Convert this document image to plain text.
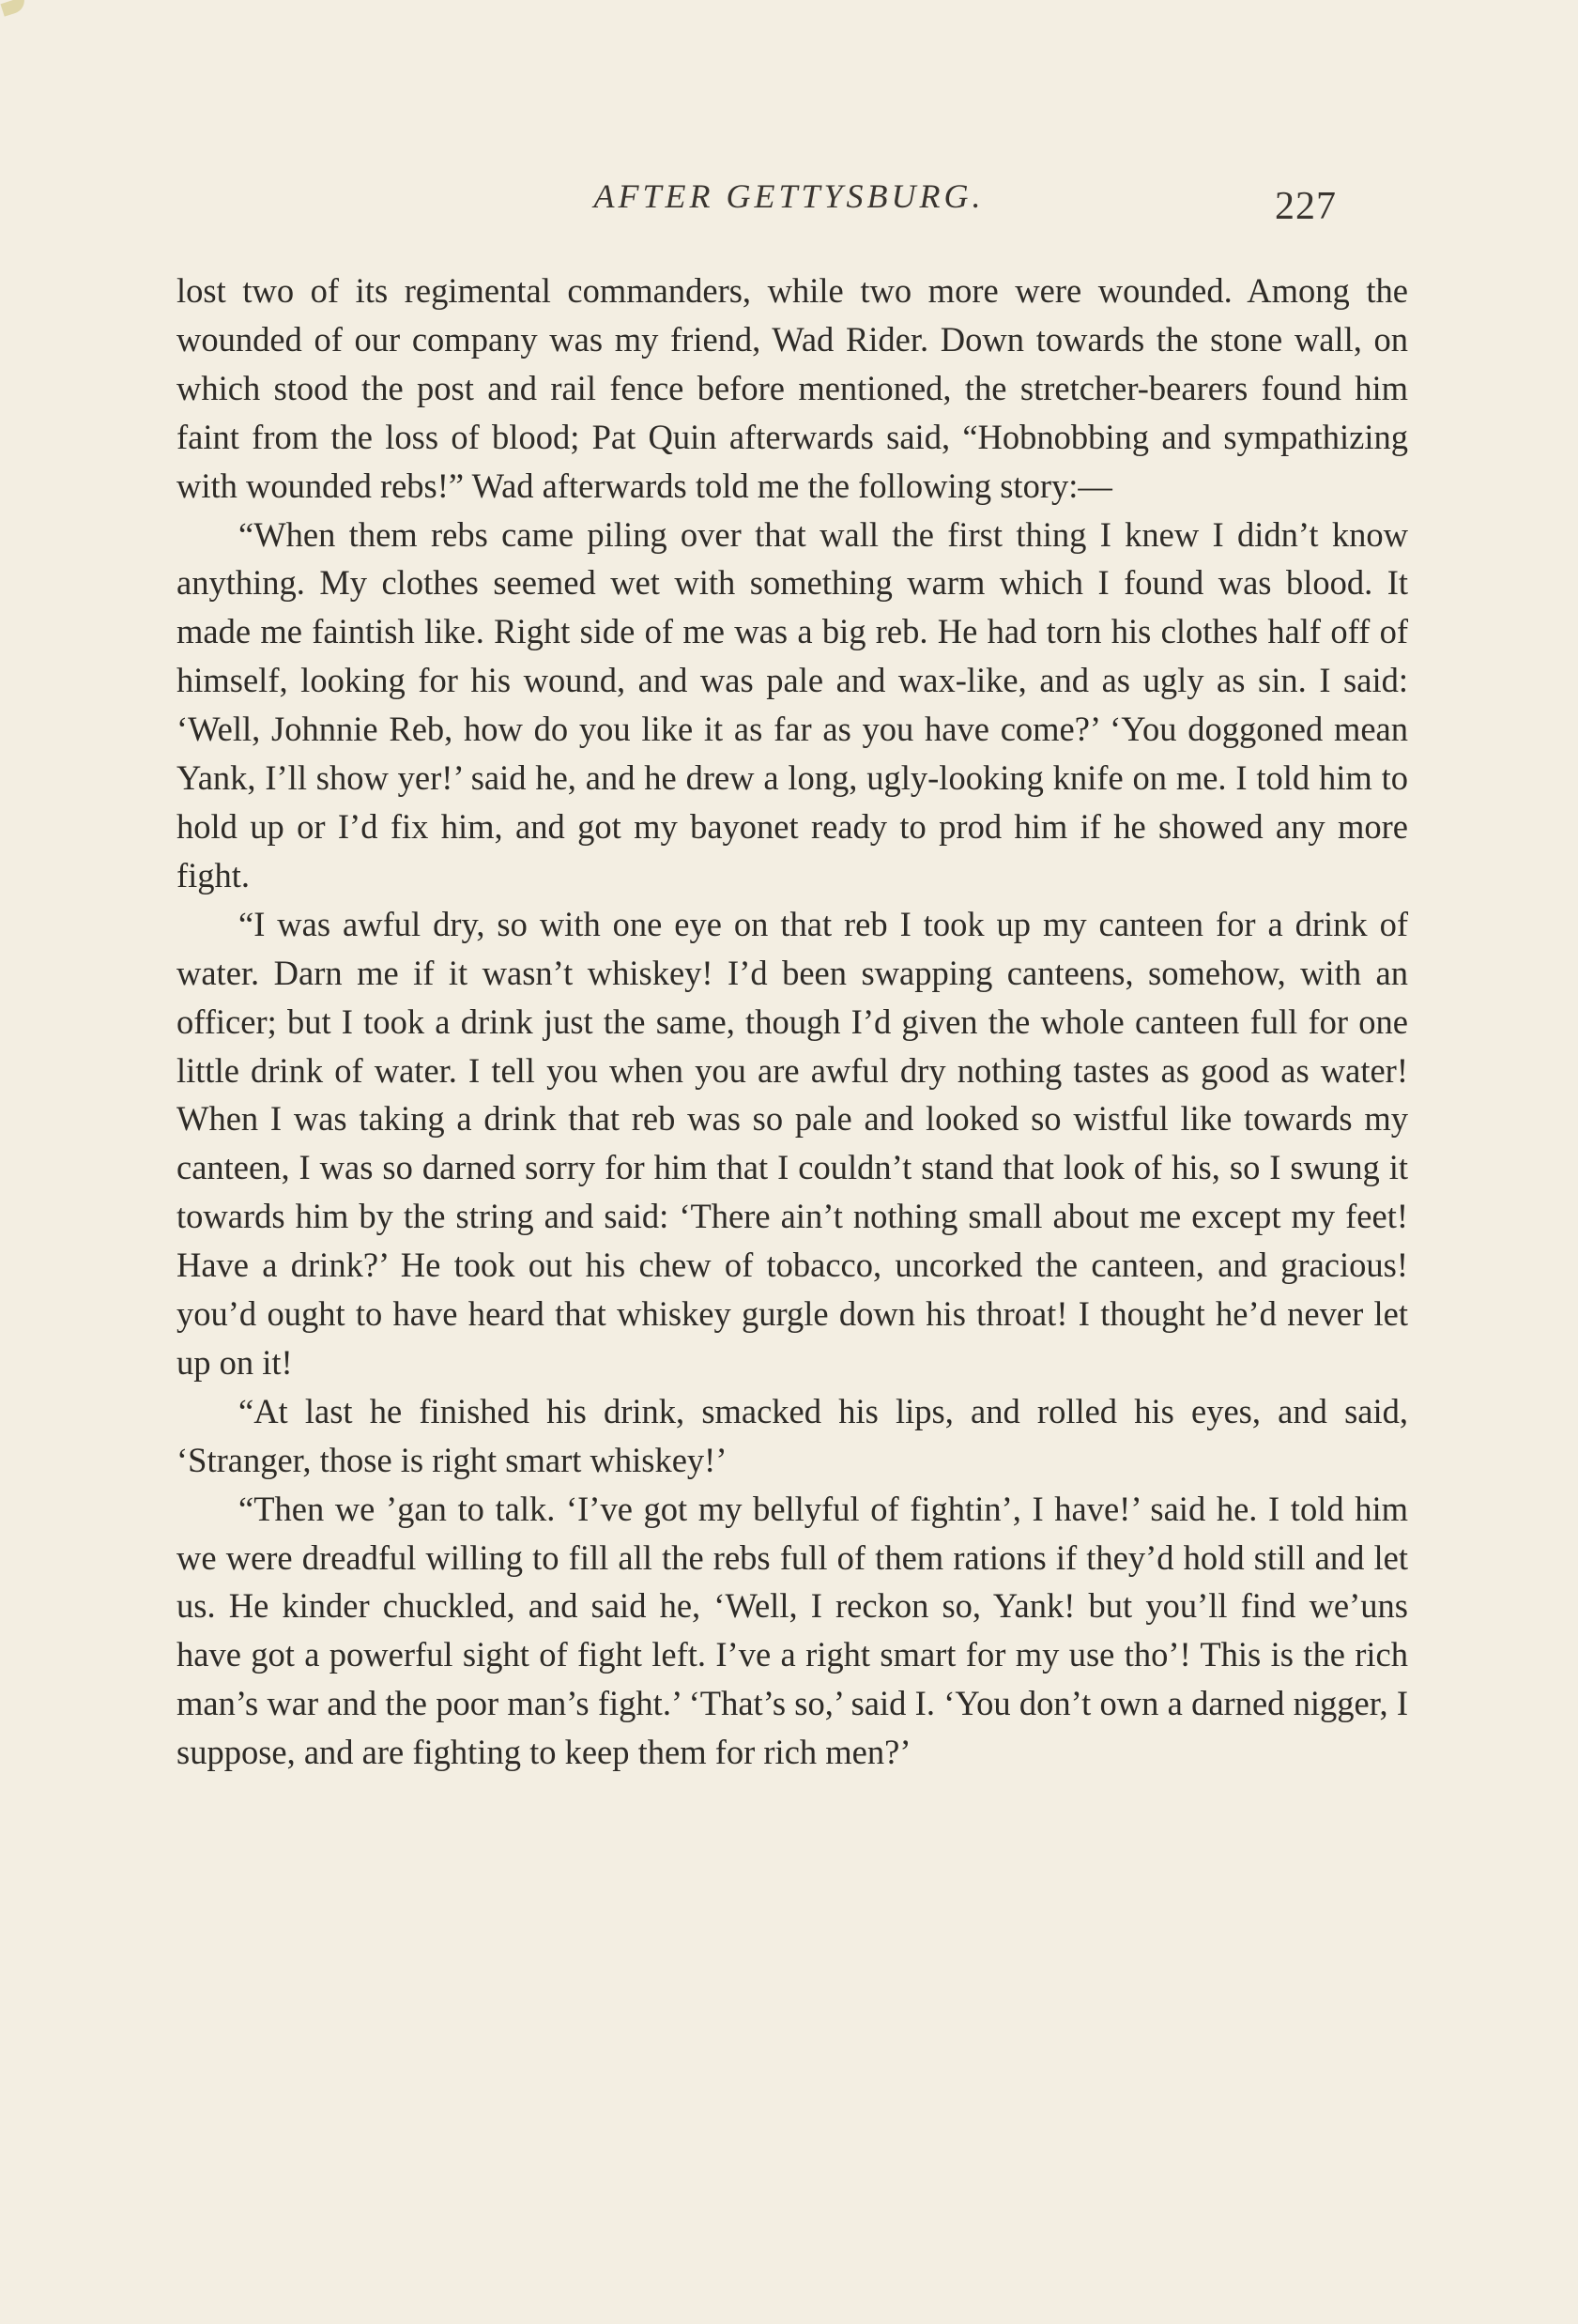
AFTER GETTYSBURG.	227

lost two of its regimental commanders, while two more were wounded. Among the wounded of our company was my friend, Wad Rider. Down towards the stone wall, on which stood the post and rail fence before mentioned, the stretcher-bearers found him faint from the loss of blood; Pat Quin afterwards said, “Hobnobbing and sympathizing with wounded rebs!” Wad afterwards told me the following story:—

“When them rebs came piling over that wall the first thing I knew I didn’t know anything. My clothes seemed wet with something warm which I found was blood. It made me faintish like. Right side of me was a big reb. He had torn his clothes half off of himself, looking for his wound, and was pale and wax-like, and as ugly as sin. I said: ‘Well, Johnnie Reb, how do you like it as far as you have come?’ ‘You doggoned mean Yank, I’ll show yer!’ said he, and he drew a long, ugly-looking knife on me. I told him to hold up or I’d fix him, and got my bayonet ready to prod him if he showed any more fight.

“I was awful dry, so with one eye on that reb I took up my canteen for a drink of water. Darn me if it wasn’t whiskey! I’d been swapping canteens, somehow, with an officer; but I took a drink just the same, though I’d given the whole canteen full for one little drink of water. I tell you when you are awful dry nothing tastes as good as water! When I was taking a drink that reb was so pale and looked so wistful like towards my canteen, I was so darned sorry for him that I couldn’t stand that look of his, so I swung it towards him by the string and said: ‘There ain’t nothing small about me except my feet! Have a drink?’ He took out his chew of tobacco, uncorked the canteen, and gracious! you’d ought to have heard that whiskey gurgle down his throat! I thought he’d never let up on it!

“At last he finished his drink, smacked his lips, and rolled his eyes, and said, ‘Stranger, those is right smart whiskey!’

“Then we ’gan to talk. ‘I’ve got my bellyful of fightin’, I have!’ said he. I told him we were dreadful willing to fill all the rebs full of them rations if they’d hold still and let us. He kinder chuckled, and said he, ‘Well, I reckon so, Yank! but you’ll find we’uns have got a powerful sight of fight left. I’ve a right smart for my use tho’! This is the rich man’s war and the poor man’s fight.’ ‘That’s so,’ said I. ‘You don’t own a darned nigger, I suppose, and are fighting to keep them for rich men?’
